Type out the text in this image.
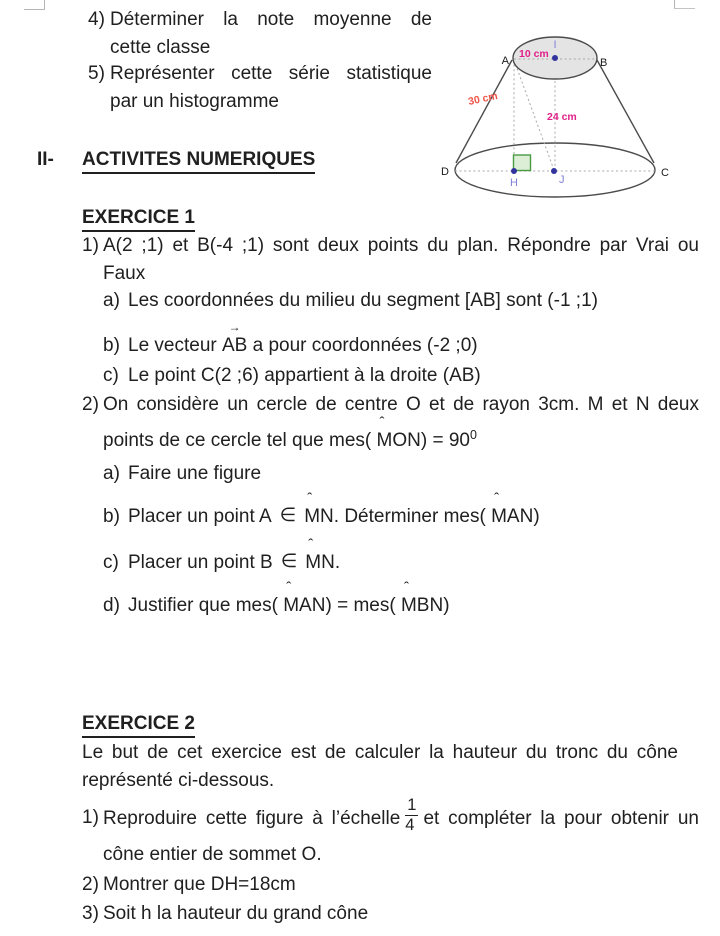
4) Déterminer la note moyenne de
cette classe
5) Représenter cette série statistique
par un histogramme
II- ACTIVITES NUMERIQUES
EXERCICE 1
1) A(2 ;1) et B(-4 ;1) sont deux points du plan. Répondre par Vrai ou
Faux
a) Les coordonnées du milieu du segment [AB] sont (-1 ;1)
b) Le vecteur
→
AB a pour coordonnées (-2 ;0)
c) Le point C(2 ;6) appartient à la droite (AB)
2) On considère un cercle de centre O et de rayon 3cm. M et N deux
points de ce cercle tel que mes(
ˆ
$MON) = 90^0$
a) Faire une figure
b) Placer un point A ∈
ˆ
MN. Déterminer mes(
ˆ
MAN)
c) Placer un point B ∈
ˆ
MN.
d) Justifier que mes(
ˆ
MAN) = mes(
ˆ
MBN)
EXERCICE 2
Le but de cet exercice est de calculer la hauteur du tronc du cône
représenté ci-dessous.
1) Reproduire cette figure à l’échelle $\frac{1}{4}$ et compléter la pour obtenir un
cône entier de sommet O.
2) Montrer que DH=18cm
3) Soit h la hauteur du grand cône
A	B
D	C
I
H	J
10 cm
30 cm
24 cm
